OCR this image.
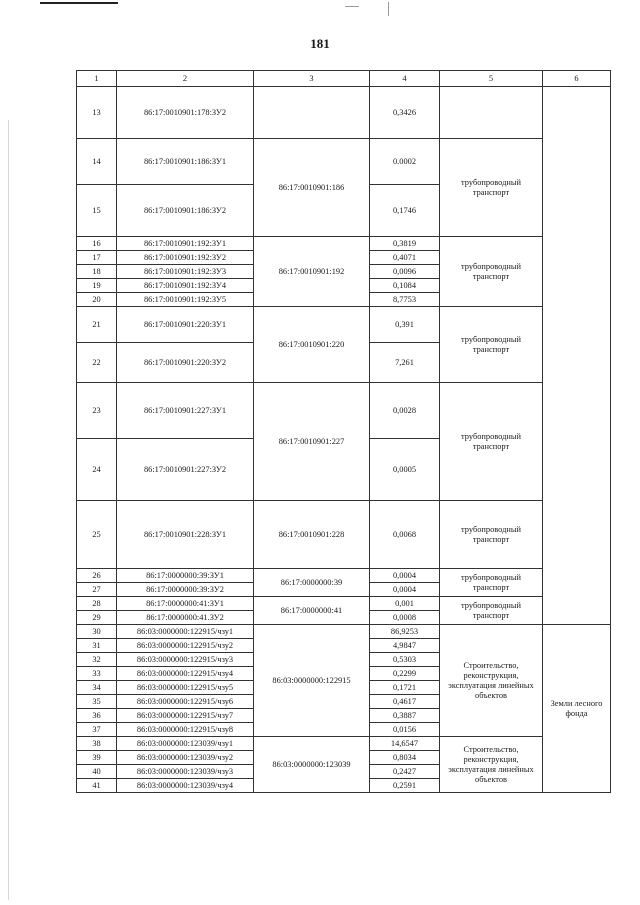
181
1	2	3	4	5	6
13	86:17:0010901:178:ЗУ2		0,3426		
14	86:17:0010901:186:ЗУ1	86:17:0010901:186	0.0002	трубопроводный транспорт	
15	86:17:0010901:186:ЗУ2		0,1746		
16	86:17:0010901:192:ЗУ1	86:17:0010901:192	0,3819	трубопроводный транспорт	
17	86:17:0010901:192:ЗУ2		0,4071		
18	86:17:0010901:192:ЗУ3		0,0096		
19	86:17:0010901:192:ЗУ4		0,1084		
20	86:17:0010901:192:ЗУ5		8,7753		
21	86:17:0010901:220:ЗУ1	86:17:0010901:220	0,391	трубопроводный транспорт	
22	86:17:0010901:220:ЗУ2		7,261		
23	86:17:0010901:227:ЗУ1	86:17:0010901:227	0,0028	трубопроводный транспорт	
24	86:17:0010901:227:ЗУ2		0,0005		
25	86:17:0010901:228:ЗУ1	86:17:0010901:228	0,0068	трубопроводный транспорт	
26	86:17:0000000:39:ЗУ1	86:17:0000000:39	0,0004	трубопроводный транспорт	
27	86:17:0000000:39:ЗУ2		0,0004		
28	86:17:0000000:41:ЗУ1	86:17:0000000:41	0,001	трубопроводный транспорт	
29	86:17:0000000:41.ЗУ2		0,0008		
30	86:03:0000000:122915/чзу1	86:03:0000000:122915	86,9253	Строительство, реконструкция, эксплуатация линейных объектов	Земли лесного фонда
31	86:03:0000000:122915/чзу2		4,9847		
32	86:03:0000000:122915/чзу3		0,5303		
33	86:03:0000000:122915/чзу4		0,2299		
34	86:03:0000000:122915/чзу5		0,1721		
35	86:03:0000000:122915/чзу6		0,4617		
36	86:03:0000000:122915/чзу7		0,3887		
37	86:03:0000000:122915/чзу8		0,0156		
38	86:03:0000000:123039/чзу1	86:03:0000000:123039	14,6547	Строительство, реконструкция, эксплуатация линейных объектов	
39	86:03:0000000:123039/чзу2		0,8034		
40	86:03:0000000:123039/чзу3		0,2427		
41	86:03:0000000:123039/чзу4		0,2591		
